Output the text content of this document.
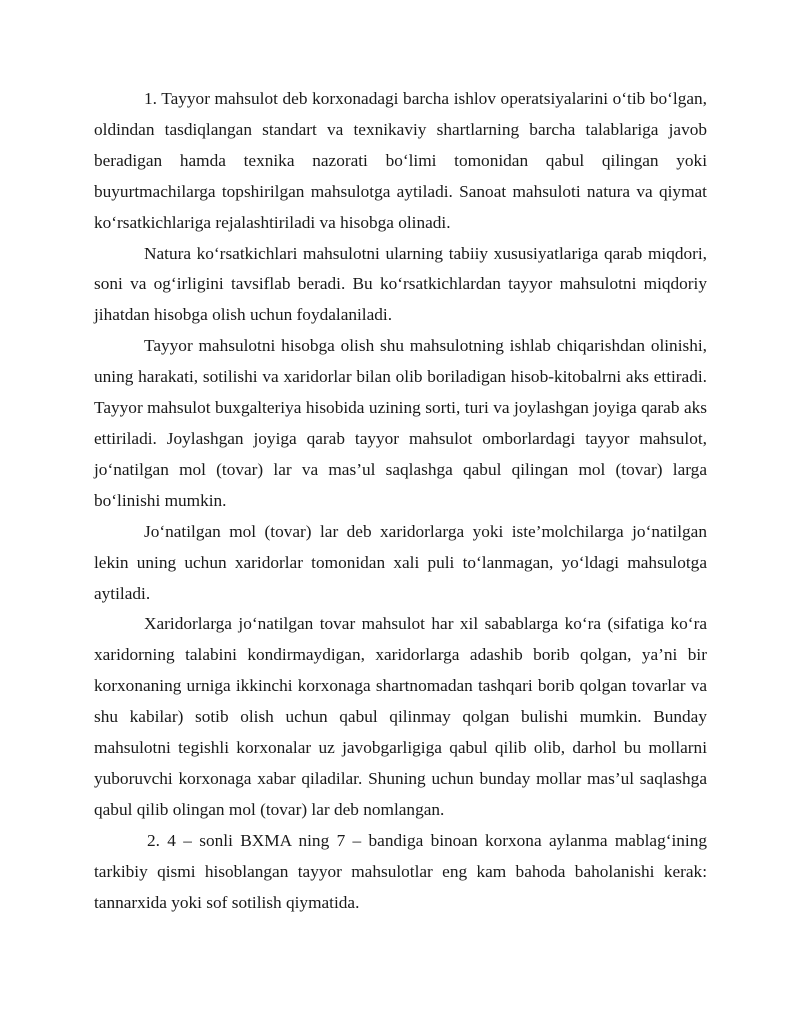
1. Tayyor mahsulot deb korxonadagi barcha ishlov operatsiyalarini o‘tib bo‘lgan, oldindan tasdiqlangan standart va texnikaviy shartlarning barcha talablariga javob beradigan hamda texnika nazorati bo‘limi tomonidan qabul qilingan yoki buyurtmachilarga topshirilgan mahsulotga aytiladi. Sanoat mahsuloti natura va qiymat ko‘rsatkichlariga rejalashtiriladi va hisobga olinadi.

Natura ko‘rsatkichlari mahsulotni ularning tabiiy xususiyatlariga qarab miqdori, soni va og‘irligini tavsiflab beradi. Bu ko‘rsatkichlardan tayyor mahsulotni miqdoriy jihatdan hisobga olish uchun foydalaniladi.

Tayyor mahsulotni hisobga olish shu mahsulotning ishlab chiqarishdan olinishi, uning harakati, sotilishi va xaridorlar bilan olib boriladigan hisob-kitobalrni aks ettiradi. Tayyor mahsulot buxgalteriya hisobida uzining sorti, turi va joylashgan joyiga qarab aks ettiriladi. Joylashgan joyiga qarab tayyor mahsulot omborlardagi tayyor mahsulot, jo‘natilgan mol (tovar) lar va mas’ul saqlashga qabul qilingan mol (tovar) larga bo‘linishi mumkin.

Jo‘natilgan mol (tovar) lar deb xaridorlarga yoki iste’molchilarga jo‘natilgan lekin uning uchun xaridorlar tomonidan xali puli to‘lanmagan, yo‘ldagi mahsulotga aytiladi.

Xaridorlarga jo‘natilgan tovar mahsulot har xil sabablarga ko‘ra (sifatiga ko‘ra xaridorning talabini kondirmaydigan, xaridorlarga adashib borib qolgan, ya’ni bir korxonaning urniga ikkinchi korxonaga shartnomadan tashqari borib qolgan tovarlar va shu kabilar) sotib olish uchun qabul qilinmay qolgan bulishi mumkin. Bunday mahsulotni tegishli korxonalar uz javobgarligiga qabul qilib olib, darhol bu mollarni yuboruvchi korxonaga xabar qiladilar. Shuning uchun bunday mollar mas’ul saqlashga qabul qilib olingan mol (tovar) lar deb nomlangan.

2. 4 – sonli BXMA ning 7 – bandiga binoan korxona aylanma mablag‘ining tarkibiy qismi hisoblangan tayyor mahsulotlar eng kam bahoda baholanishi kerak: tannarxida yoki sof sotilish qiymatida.
